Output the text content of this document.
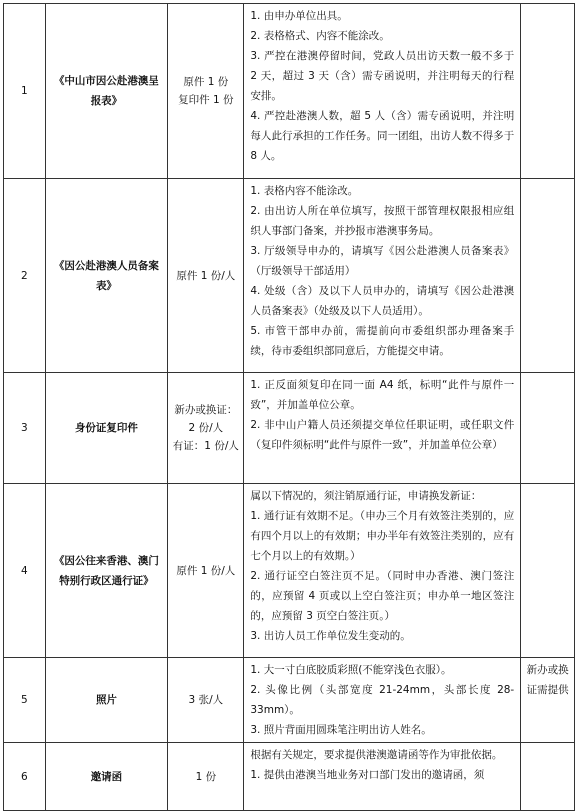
1	《中山市因公赴港澳呈报表》	原件 1 份
复印件 1 份	1. 由申办单位出具。
2. 表格格式、内容不能涂改。
3. 严控在港澳停留时间，党政人员出访天数一般不多于 2 天，超过 3 天（含）需专函说明，并注明每天的行程安排。
4. 严控赴港澳人数，超 5 人（含）需专函说明，并注明每人此行承担的工作任务。同一团组，出访人数不得多于 8 人。	

2	《因公赴港澳人员备案表》	原件 1 份/人	1. 表格内容不能涂改。
2. 由出访人所在单位填写，按照干部管理权限报相应组织人事部门备案，并抄报市港澳事务局。
3. 厅级领导申办的，请填写《因公赴港澳人员备案表》（厅级领导干部适用）
4. 处级（含）及以下人员申办的，请填写《因公赴港澳人员备案表》（处级及以下人员适用）。
5. 市管干部申办前，需提前向市委组织部办理备案手续，待市委组织部同意后，方能提交申请。	

3	身份证复印件	新办或换证：
2 份/人
有证：1 份/人	1. 正反面须复印在同一面 A4 纸，标明“此件与原件一致”，并加盖单位公章。
2. 非中山户籍人员还须提交单位任职证明，或任职文件（复印件须标明“此件与原件一致”，并加盖单位公章）	

4	《因公往来香港、澳门特别行政区通行证》	原件 1 份/人	属以下情况的，须注销原通行证，申请换发新证：
1. 通行证有效期不足。（申办三个月有效签注类别的，应有四个月以上的有效期；申办半年有效签注类别的，应有七个月以上的有效期。）
2. 通行证空白签注页不足。（同时申办香港、澳门签注的，应预留 4 页或以上空白签注页；申办单一地区签注的，应预留 3 页空白签注页。）
3. 出访人员工作单位发生变动的。	

5	照片	3 张/人	1. 大一寸白底胶质彩照(不能穿浅色衣服）。
2. 头像比例（头部宽度 21-24mm，头部长度 28-33mm）。
3. 照片背面用圆珠笔注明出访人姓名。	新办或换证需提供

6	邀请函	1 份	根据有关规定，要求提供港澳邀请函等作为审批依据。
1. 提供由港澳当地业务对口部门发出的邀请函，须	
